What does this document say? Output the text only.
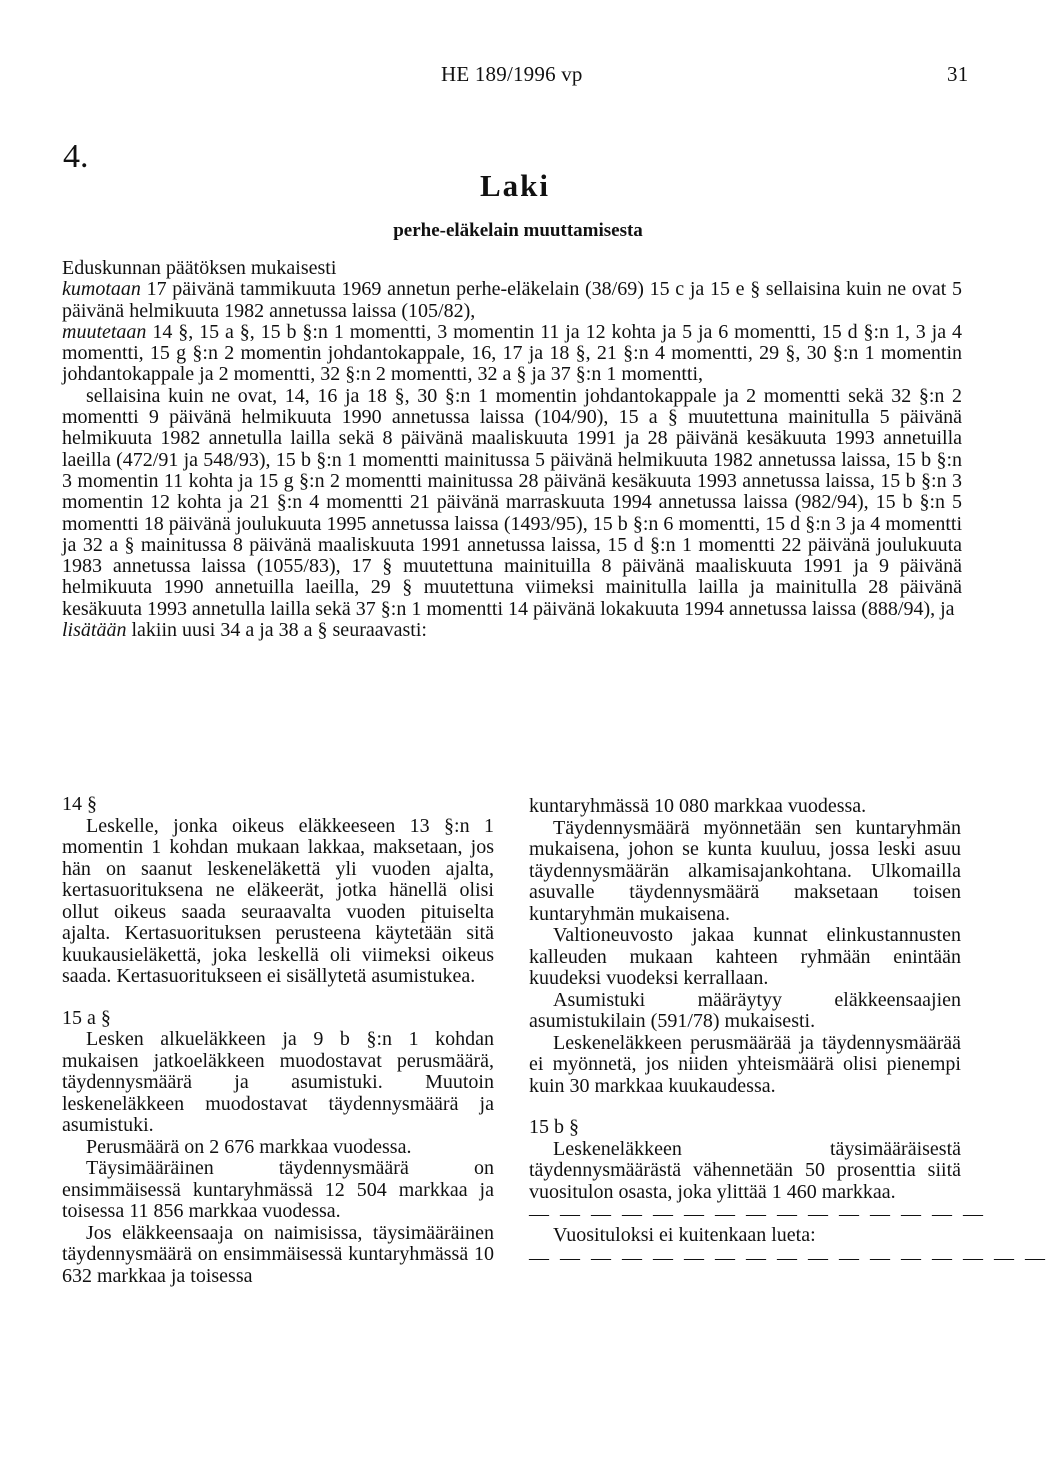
HE 189/1996 vp	31
4.
Laki
perhe-eläkelain muuttamisesta

Eduskunnan päätöksen mukaisesti

kumotaan 17 päivänä tammikuuta 1969 annetun perhe-eläkelain (38/69) 15 c ja 15 e § sellaisina kuin ne ovat 5 päivänä helmikuuta 1982 annetussa laissa (105/82),

muutetaan 14 §, 15 a §, 15 b §:n 1 momentti, 3 momentin 11 ja 12 kohta ja 5 ja 6 momentti, 15 d §:n 1, 3 ja 4 momentti, 15 g §:n 2 momentin johdantokappale, 16, 17 ja 18 §, 21 §:n 4 momentti, 29 §, 30 §:n 1 momentin johdantokappale ja 2 momentti, 32 §:n 2 momentti, 32 a § ja 37 §:n 1 momentti,

sellaisina kuin ne ovat, 14, 16 ja 18 §, 30 §:n 1 momentin johdantokappale ja 2 momentti sekä 32 §:n 2 momentti 9 päivänä helmikuuta 1990 annetussa laissa (104/90), 15 a § muutettuna mainitulla 5 päivänä helmikuuta 1982 annetulla lailla sekä 8 päivänä maaliskuuta 1991 ja 28 päivänä kesäkuuta 1993 annetuilla laeilla (472/91 ja 548/93), 15 b §:n 1 momentti mainitussa 5 päivänä helmikuuta 1982 annetussa laissa, 15 b §:n 3 momentin 11 kohta ja 15 g §:n 2 momentti mainitussa 28 päivänä kesäkuuta 1993 annetussa laissa, 15 b §:n 3 momentin 12 kohta ja 21 §:n 4 momentti 21 päivänä marraskuuta 1994 annetussa laissa (982/94), 15 b §:n 5 momentti 18 päivänä joulukuuta 1995 annetussa laissa (1493/95), 15 b §:n 6 momentti, 15 d §:n 3 ja 4 momentti ja 32 a § mainitussa 8 päivänä maaliskuuta 1991 annetussa laissa, 15 d §:n 1 momentti 22 päivänä joulukuuta 1983 annetussa laissa (1055/83), 17 § muutettuna mainituilla 8 päivänä maaliskuuta 1991 ja 9 päivänä helmikuuta 1990 annetuilla laeilla, 29 § muutettuna viimeksi mainitulla lailla ja mainitulla 28 päivänä kesäkuuta 1993 annetulla lailla sekä 37 §:n 1 momentti 14 päivänä lokakuuta 1994 annetussa laissa (888/94), ja

lisätään lakiin uusi 34 a ja 38 a § seuraavasti:

14 §

Leskelle, jonka oikeus eläkkeeseen 13 §:n 1 momentin 1 kohdan mukaan lakkaa, maksetaan, jos hän on saanut leskeneläkettä yli vuoden ajalta, kertasuorituksena ne eläkeerät, jotka hänellä olisi ollut oikeus saada seuraavalta vuoden pituiselta ajalta. Kertasuorituksen perusteena käytetään sitä kuukausieläkettä, joka leskellä oli viimeksi oikeus saada. Kertasuoritukseen ei sisällytetä asumistukea.

15 a §

Lesken alkueläkkeen ja 9 b §:n 1 kohdan mukaisen jatkoeläkkeen muodostavat perusmäärä, täydennysmäärä ja asumistuki. Muutoin leskeneläkkeen muodostavat täydennysmäärä ja asumistuki.

Perusmäärä on 2 676 markkaa vuodessa.

Täysimääräinen täydennysmäärä on ensimmäisessä kuntaryhmässä 12 504 markkaa ja toisessa 11 856 markkaa vuodessa.

Jos eläkkeensaaja on naimisissa, täysimääräinen täydennysmäärä on ensimmäisessä kuntaryhmässä 10 632 markkaa ja toisessa

kuntaryhmässä 10 080 markkaa vuodessa.

Täydennysmäärä myönnetään sen kuntaryhmän mukaisena, johon se kunta kuuluu, jossa leski asuu täydennysmäärän alkamisajankohtana. Ulkomailla asuvalle täydennysmäärä maksetaan toisen kuntaryhmän mukaisena.

Valtioneuvosto jakaa kunnat elinkustannusten kalleuden mukaan kahteen ryhmään enintään kuudeksi vuodeksi kerrallaan.

Asumistuki määräytyy eläkkeensaajien asumistukilain (591/78) mukaisesti.

Leskeneläkkeen perusmäärää ja täydennysmäärää ei myönnetä, jos niiden yhteismäärä olisi pienempi kuin 30 markkaa kuukaudessa.

15 b §

Leskeneläkkeen täysimääräisestä täydennysmäärästä vähennetään 50 prosenttia siitä vuositulon osasta, joka ylittää 1 460 markkaa.

— — — — — — — — — — — — — — —

Vuosituloksi ei kuitenkaan lueta:

— — — — — — — — — — — — — — — — —
